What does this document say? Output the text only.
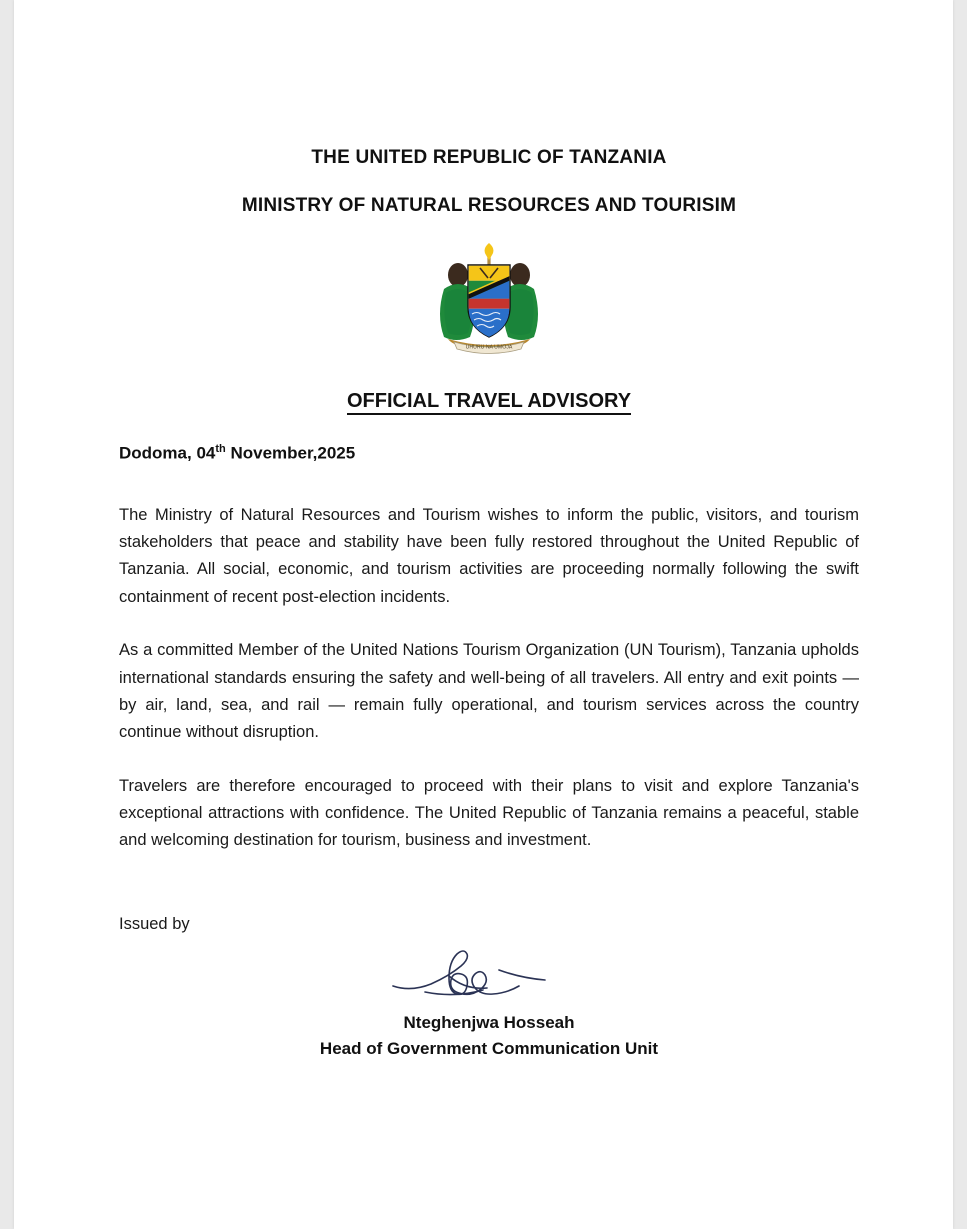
THE UNITED REPUBLIC OF TANZANIA
MINISTRY OF NATURAL RESOURCES AND TOURISIM
UHURU NA UMOJA
OFFICIAL TRAVEL ADVISORY
Dodoma, 04th November,2025

The Ministry of Natural Resources and Tourism wishes to inform the public, visitors, and tourism stakeholders that peace and stability have been fully restored throughout the United Republic of Tanzania. All social, economic, and tourism activities are proceeding normally following the swift containment of recent post-election incidents.

As a committed Member of the United Nations Tourism Organization (UN Tourism), Tanzania upholds international standards ensuring the safety and well-being of all travelers. All entry and exit points — by air, land, sea, and rail — remain fully operational, and tourism services across the country continue without disruption.

Travelers are therefore encouraged to proceed with their plans to visit and explore Tanzania's exceptional attractions with confidence. The United Republic of Tanzania remains a peaceful, stable and welcoming destination for tourism, business and investment.

Issued by
Nteghenjwa Hosseah
Head of Government Communication Unit
